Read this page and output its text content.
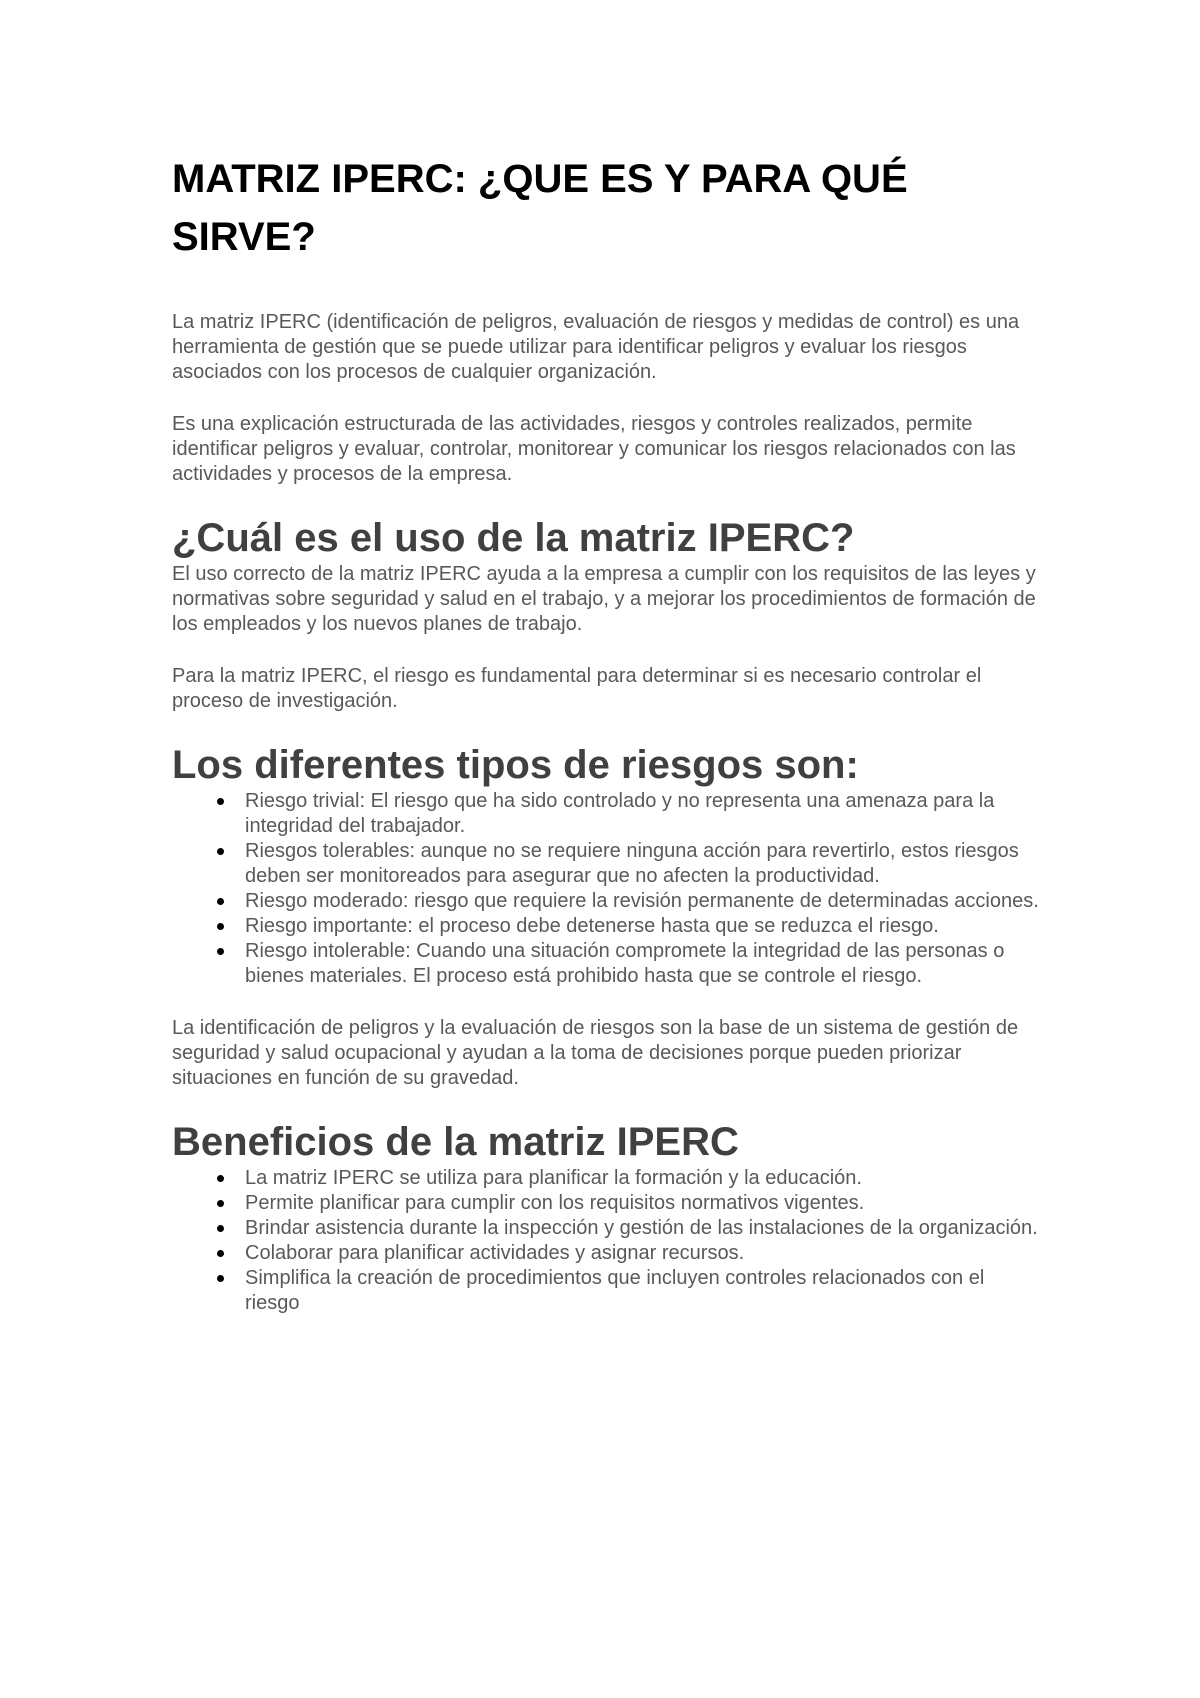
MATRIZ IPERC: ¿QUE ES Y PARA QUÉ SIRVE?

La matriz IPERC (identificación de peligros, evaluación de riesgos y medidas de control) es una herramienta de gestión que se puede utilizar para identificar peligros y evaluar los riesgos asociados con los procesos de cualquier organización.

Es una explicación estructurada de las actividades, riesgos y controles realizados, permite identificar peligros y evaluar, controlar, monitorear y comunicar los riesgos relacionados con las actividades y procesos de la empresa.

¿Cuál es el uso de la matriz IPERC?

El uso correcto de la matriz IPERC ayuda a la empresa a cumplir con los requisitos de las leyes y normativas sobre seguridad y salud en el trabajo, y a mejorar los procedimientos de formación de los empleados y los nuevos planes de trabajo.

Para la matriz IPERC, el riesgo es fundamental para determinar si es necesario controlar el proceso de investigación.

Los diferentes tipos de riesgos son:
Riesgo trivial: El riesgo que ha sido controlado y no representa una amenaza para la integridad del trabajador.
Riesgos tolerables: aunque no se requiere ninguna acción para revertirlo, estos riesgos deben ser monitoreados para asegurar que no afecten la productividad.
Riesgo moderado: riesgo que requiere la revisión permanente de determinadas acciones.
Riesgo importante: el proceso debe detenerse hasta que se reduzca el riesgo.
Riesgo intolerable: Cuando una situación compromete la integridad de las personas o bienes materiales. El proceso está prohibido hasta que se controle el riesgo.

La identificación de peligros y la evaluación de riesgos son la base de un sistema de gestión de seguridad y salud ocupacional y ayudan a la toma de decisiones porque pueden priorizar situaciones en función de su gravedad.

Beneficios de la matriz IPERC
La matriz IPERC se utiliza para planificar la formación y la educación.
Permite planificar para cumplir con los requisitos normativos vigentes.
Brindar asistencia durante la inspección y gestión de las instalaciones de la organización.
Colaborar para planificar actividades y asignar recursos.
Simplifica la creación de procedimientos que incluyen controles relacionados con el riesgo
